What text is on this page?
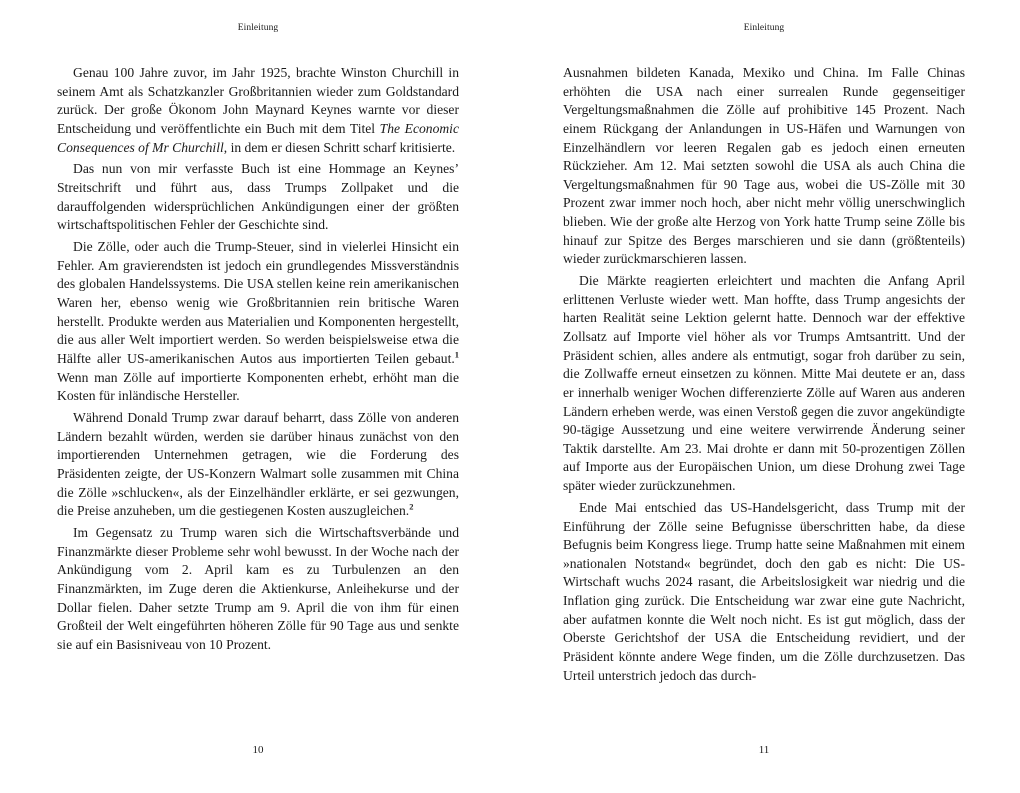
Einleitung

Genau 100 Jahre zuvor, im Jahr 1925, brachte Winston Churchill in seinem Amt als Schatzkanzler Großbritannien wieder zum Goldstandard zurück. Der große Ökonom John Maynard Keynes warnte vor dieser Entscheidung und veröffentlichte ein Buch mit dem Titel The Economic Consequences of Mr Churchill, in dem er diesen Schritt scharf kritisierte.

Das nun von mir verfasste Buch ist eine Hommage an Keynes’ Streitschrift und führt aus, dass Trumps Zollpaket und die darauffolgenden widersprüchlichen Ankündigungen einer der größten wirtschaftspolitischen Fehler der Geschichte sind.

Die Zölle, oder auch die Trump-Steuer, sind in vielerlei Hinsicht ein Fehler. Am gravierendsten ist jedoch ein grundlegendes Missverständnis des globalen Handelssystems. Die USA stellen keine rein amerikanischen Waren her, ebenso wenig wie Großbritannien rein britische Waren herstellt. Produkte werden aus Materialien und Komponenten hergestellt, die aus aller Welt importiert werden. So werden beispielsweise etwa die Hälfte aller US-amerikanischen Autos aus importierten Teilen gebaut.$^1$ Wenn man Zölle auf importierte Komponenten erhebt, erhöht man die Kosten für inländische Hersteller.

Während Donald Trump zwar darauf beharrt, dass Zölle von anderen Ländern bezahlt würden, werden sie darüber hinaus zunächst von den importierenden Unternehmen getragen, wie die Forderung des Präsidenten zeigte, der US-Konzern Walmart solle zusammen mit China die Zölle »schlucken«, als der Einzelhändler erklärte, er sei gezwungen, die Preise anzuheben, um die gestiegenen Kosten auszugleichen.$^2$

Im Gegensatz zu Trump waren sich die Wirtschaftsverbände und Finanzmärkte dieser Probleme sehr wohl bewusst. In der Woche nach der Ankündigung vom 2. April kam es zu Turbulenzen an den Finanzmärkten, im Zuge deren die Aktienkurse, Anleihekurse und der Dollar fielen. Daher setzte Trump am 9. April die von ihm für einen Großteil der Welt eingeführten höheren Zölle für 90 Tage aus und senkte sie auf ein Basisniveau von 10 Prozent.

10
Einleitung

Ausnahmen bildeten Kanada, Mexiko und China. Im Falle Chinas erhöhten die USA nach einer surrealen Runde gegenseitiger Vergeltungsmaßnahmen die Zölle auf prohibitive 145 Prozent. Nach einem Rückgang der Anlandungen in US-Häfen und Warnungen von Einzelhändlern vor leeren Regalen gab es jedoch einen erneuten Rückzieher. Am 12. Mai setzten sowohl die USA als auch China die Vergeltungsmaßnahmen für 90 Tage aus, wobei die US-Zölle mit 30 Prozent zwar immer noch hoch, aber nicht mehr völlig unerschwinglich blieben. Wie der große alte Herzog von York hatte Trump seine Zölle bis hinauf zur Spitze des Berges marschieren und sie dann (größtenteils) wieder zurückmarschieren lassen.

Die Märkte reagierten erleichtert und machten die Anfang April erlittenen Verluste wieder wett. Man hoffte, dass Trump angesichts der harten Realität seine Lektion gelernt hatte. Dennoch war der effektive Zollsatz auf Importe viel höher als vor Trumps Amtsantritt. Und der Präsident schien, alles andere als entmutigt, sogar froh darüber zu sein, die Zollwaffe erneut einsetzen zu können. Mitte Mai deutete er an, dass er innerhalb weniger Wochen differenzierte Zölle auf Waren aus anderen Ländern erheben werde, was einen Verstoß gegen die zuvor angekündigte 90-tägige Aussetzung und eine weitere verwirrende Änderung seiner Taktik darstellte. Am 23. Mai drohte er dann mit 50-prozentigen Zöllen auf Importe aus der Europäischen Union, um diese Drohung zwei Tage später wieder zurückzunehmen.

Ende Mai entschied das US-Handelsgericht, dass Trump mit der Einführung der Zölle seine Befugnisse überschritten habe, da diese Befugnis beim Kongress liege. Trump hatte seine Maßnahmen mit einem »nationalen Notstand« begründet, doch den gab es nicht: Die US-Wirtschaft wuchs 2024 rasant, die Arbeitslosigkeit war niedrig und die Inflation ging zurück. Die Entscheidung war zwar eine gute Nachricht, aber aufatmen konnte die Welt noch nicht. Es ist gut möglich, dass der Oberste Gerichtshof der USA die Entscheidung revidiert, und der Präsident könnte andere Wege finden, um die Zölle durchzusetzen. Das Urteil unterstrich jedoch das durch-

11
